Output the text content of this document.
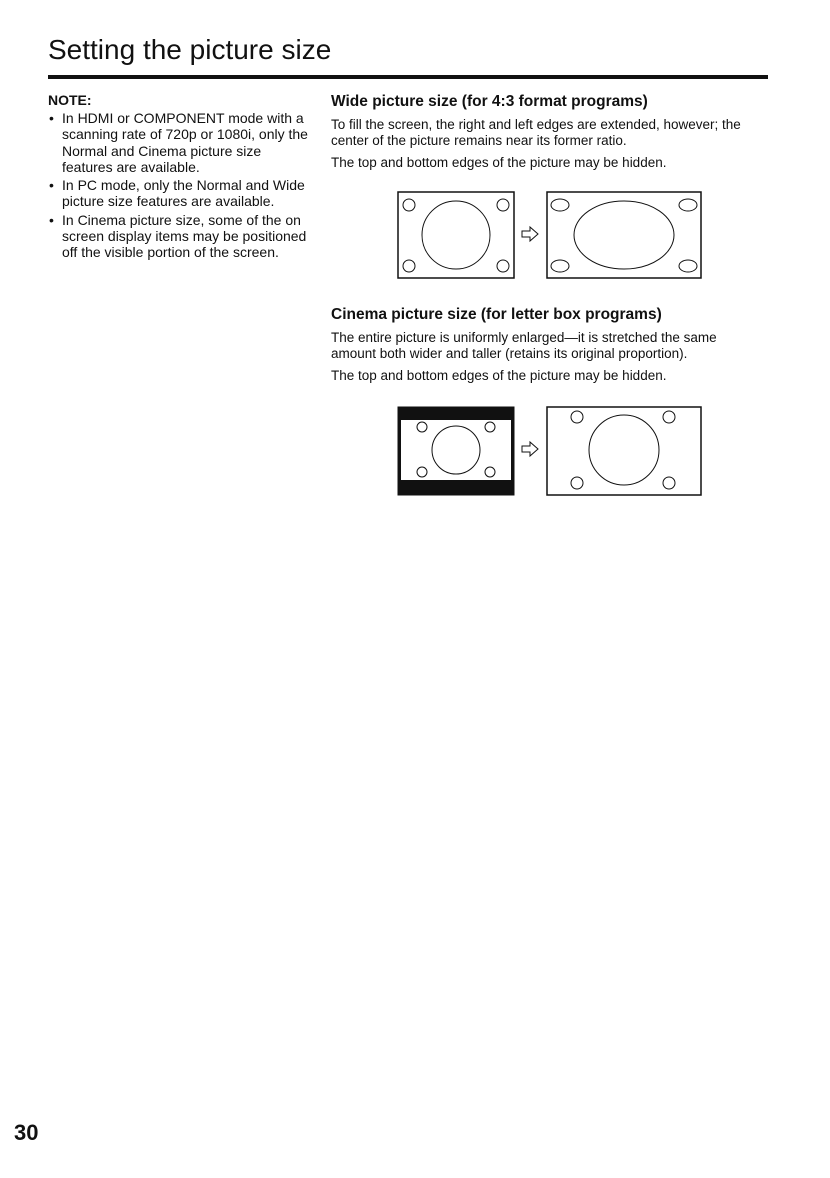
Setting the picture size

NOTE:

• In HDMI or COMPONENT mode with a scanning rate of 720p or 1080i, only the Normal and Cinema picture size features are available.
• In PC mode, only the Normal and Wide picture size features are available.
• In Cinema picture size, some of the on screen display items may be positioned off the visible portion of the screen.

Wide picture size (for 4:3 format programs)

To fill the screen, the right and left edges are extended, however; the center of the picture remains near its former ratio.

The top and bottom edges of the picture may be hidden.

Cinema picture size (for letter box programs)

The entire picture is uniformly enlarged—it is stretched the same amount both wider and taller (retains its original proportion).

The top and bottom edges of the picture may be hidden.

30
